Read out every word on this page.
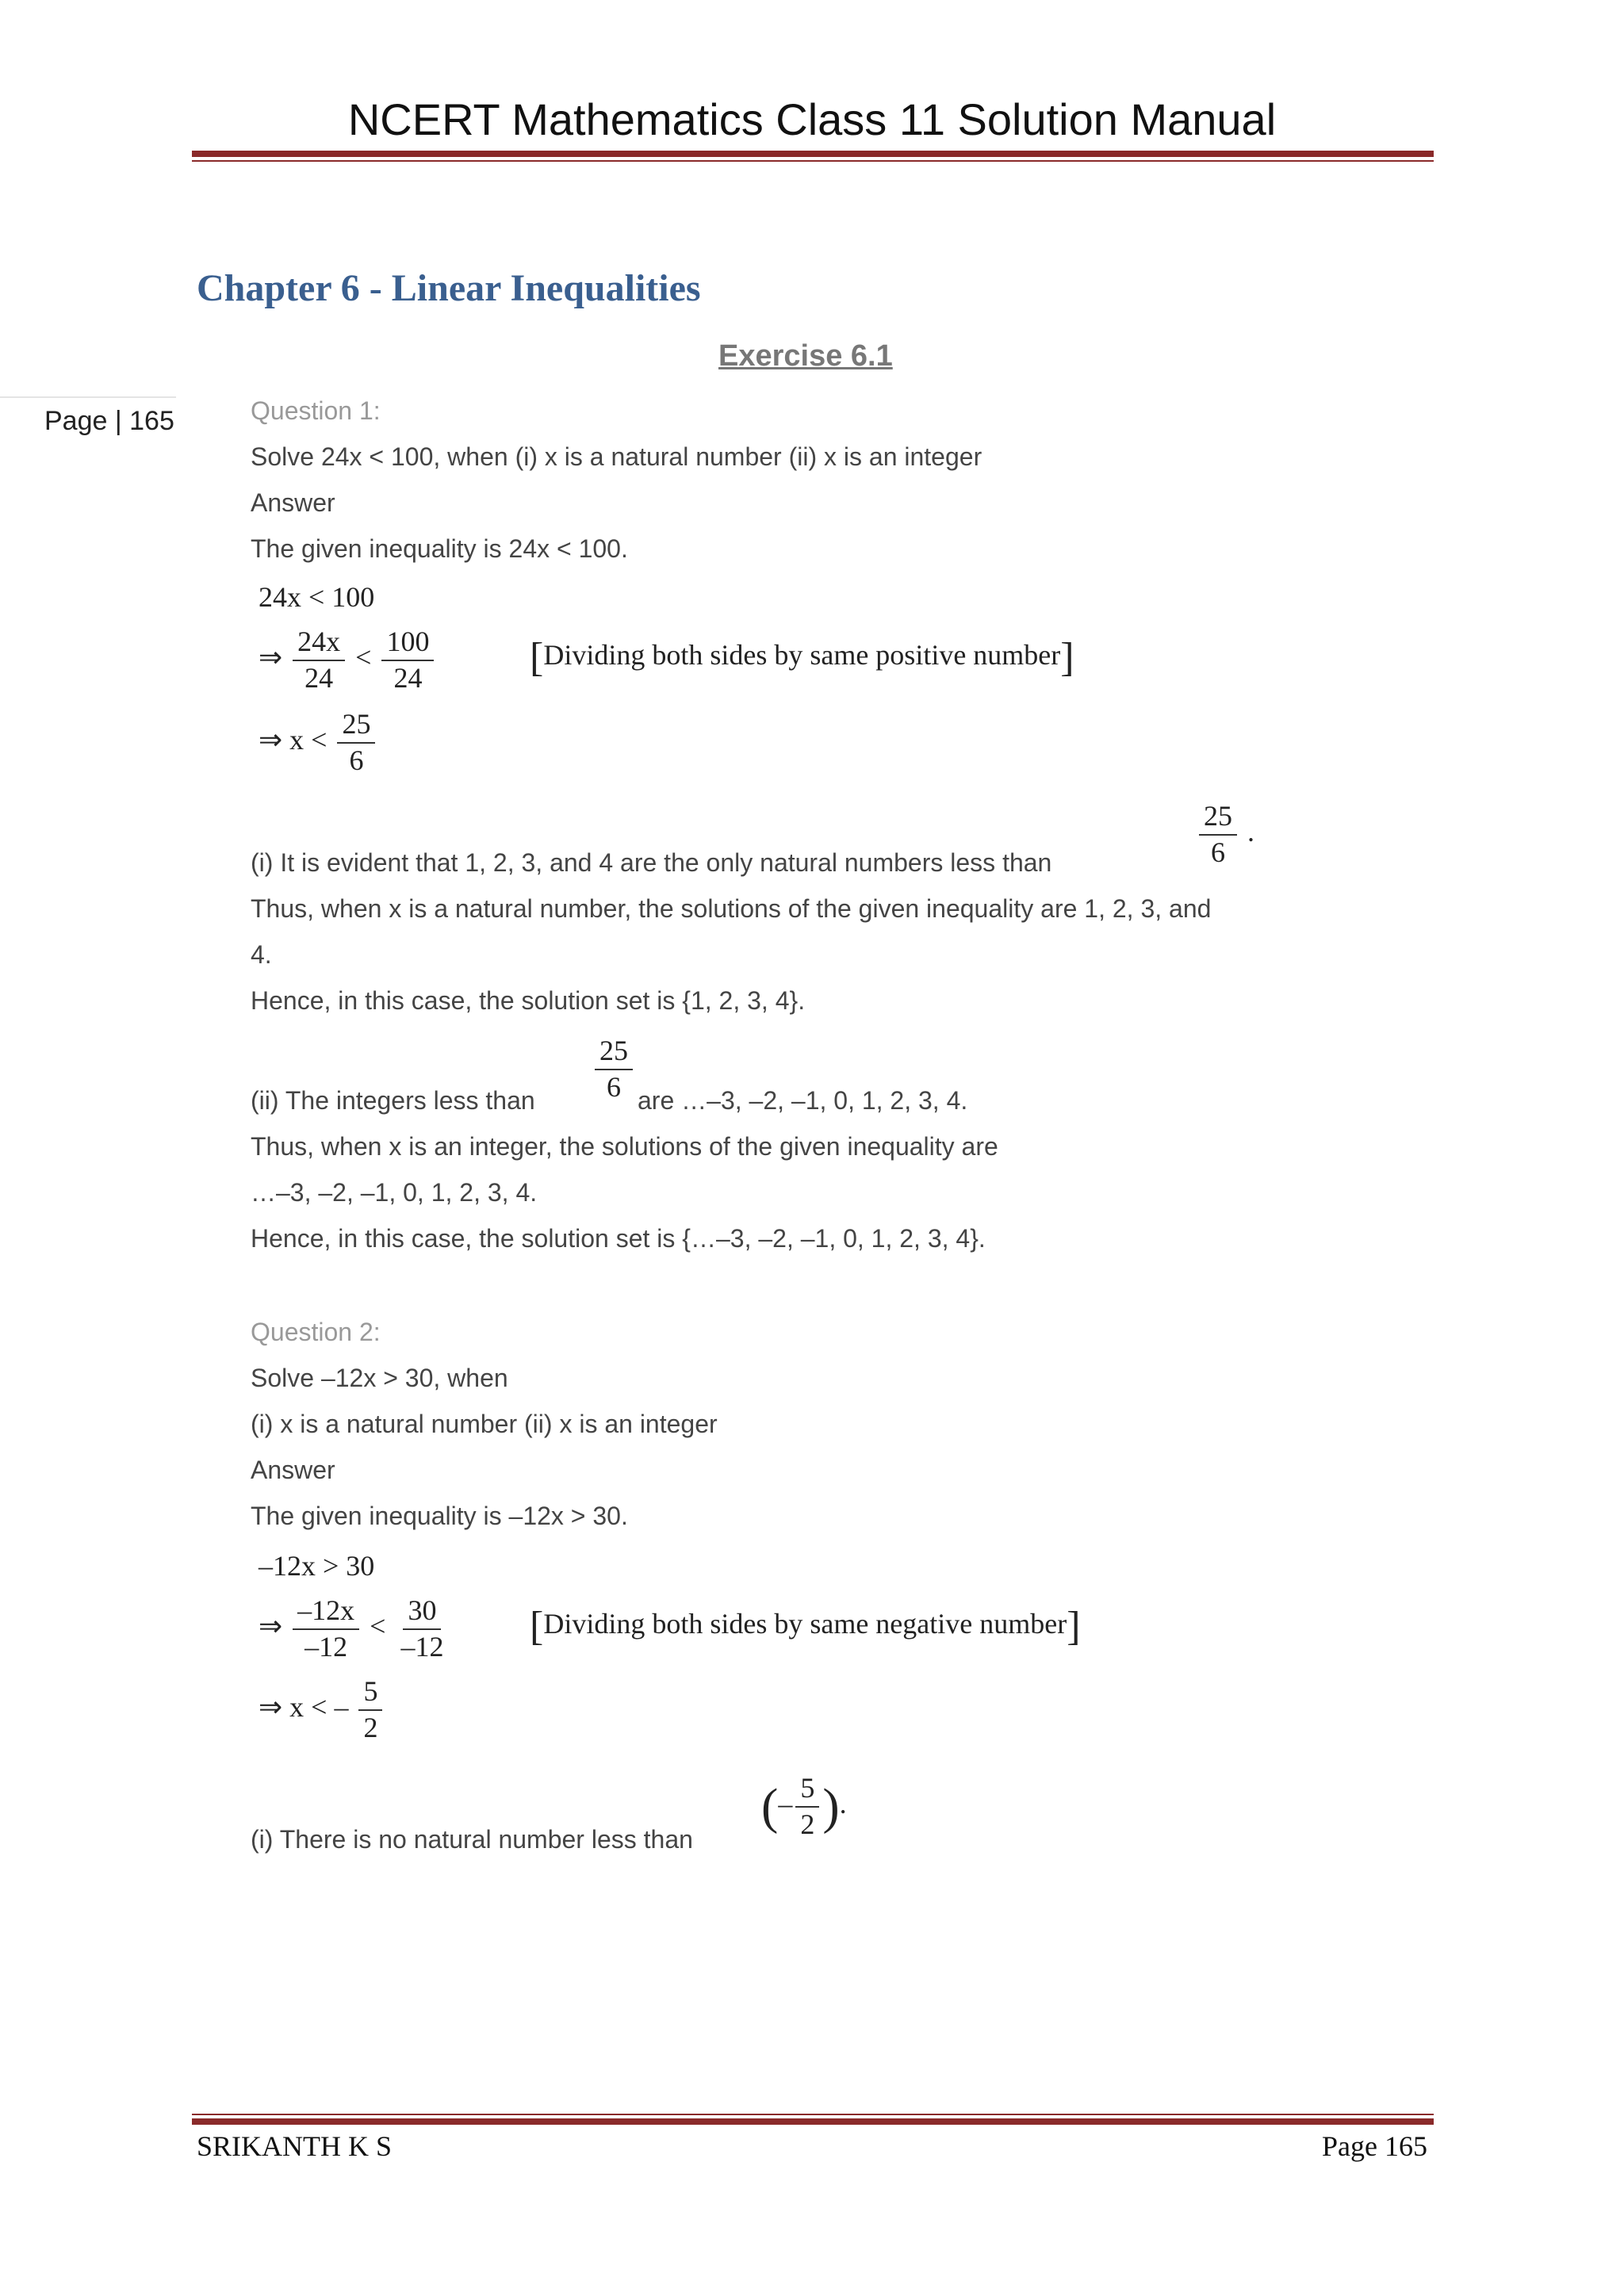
NCERT Mathematics Class 11 Solution Manual
Chapter 6 - Linear Inequalities
Exercise 6.1
Page | 165	Question 1:
Solve 24x < 100, when (i) x is a natural number (ii) x is an integer
Answer
The given inequality is 24x < 100.
24x < 100
⇒ $\frac{24x}{24} < \frac{100}{24}$ [Dividing both sides by same positive number]
⇒ $x < \frac{25}{6}$
(i) It is evident that 1, 2, 3, and 4 are the only natural numbers less than	$\frac{25}{6}$ .
Thus, when x is a natural number, the solutions of the given inequality are 1, 2, 3, and
4.
Hence, in this case, the solution set is {1, 2, 3, 4}.
(ii) The integers less than $\frac{25}{6}$ are …–3, –2, –1, 0, 1, 2, 3, 4.
Thus, when x is an integer, the solutions of the given inequality are
…–3, –2, –1, 0, 1, 2, 3, 4.
Hence, in this case, the solution set is {…–3, –2, –1, 0, 1, 2, 3, 4}.
Question 2:
Solve –12x > 30, when
(i) x is a natural number (ii) x is an integer
Answer
The given inequality is –12x > 30.
–12x > 30
⇒ $\frac{-12x}{-12} < \frac{30}{-12}$ [Dividing both sides by same negative number]
⇒ x < – $\frac{5}{2}$
(i) There is no natural number less than
(– $\frac{5}{2}$ ).
SRIKANTH K S	Page 165
